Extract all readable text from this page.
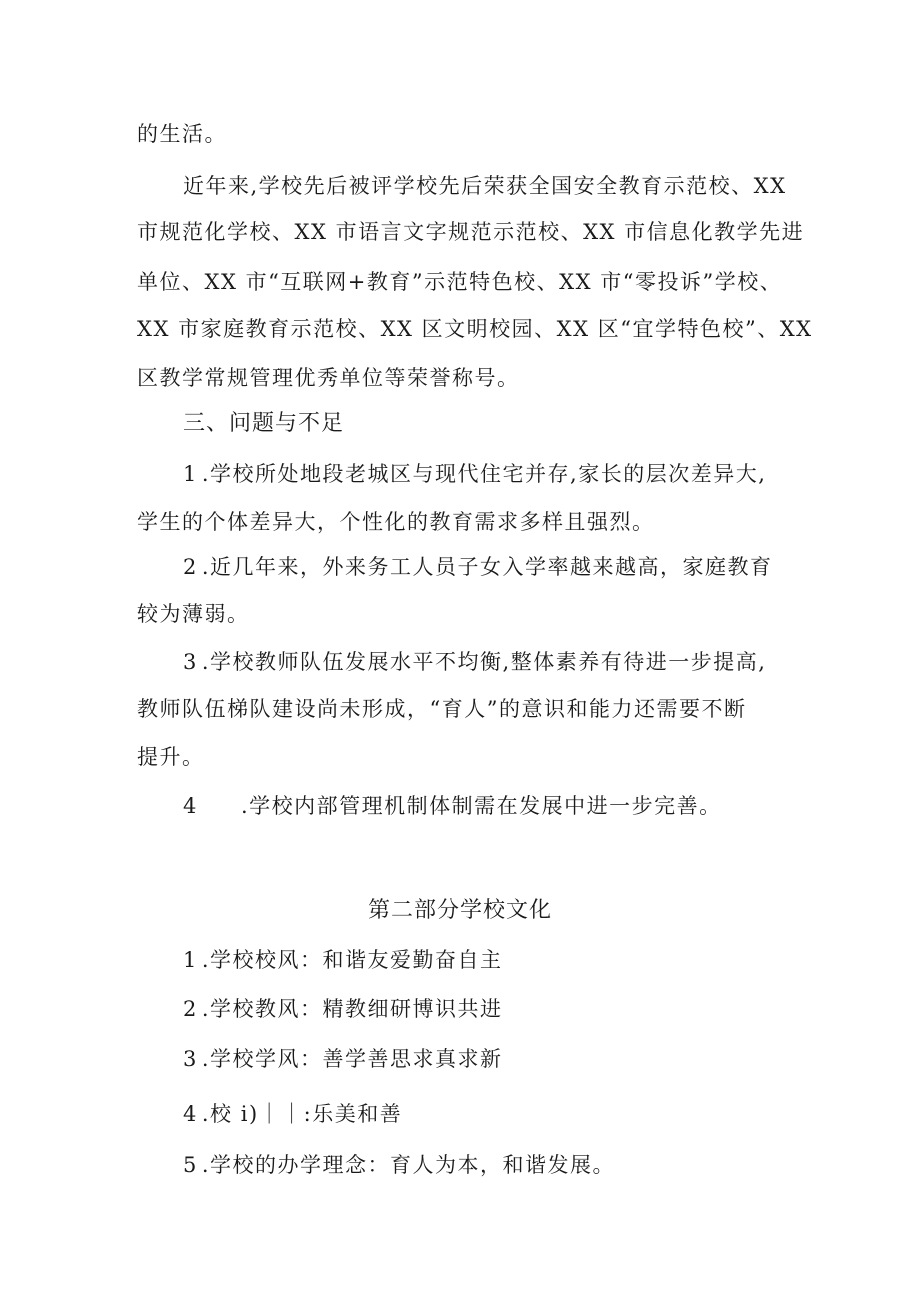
的生活。
近年来,学校先后被评学校先后荣获全国安全教育示范校、XX
市规范化学校、XX 市语言文字规范示范校、XX 市信息化教学先进
单位、XX 市“互联网+教育”示范特色校、XX 市“零投诉”学校、
XX 市家庭教育示范校、XX 区文明校园、XX 区“宜学特色校”、XX
区教学常规管理优秀单位等荣誉称号。
三、问题与不足
1 .学校所处地段老城区与现代住宅并存,家长的层次差异大,
学生的个体差异大，个性化的教育需求多样且强烈。
2 .近几年来，外来务工人员子女入学率越来越高，家庭教育
较为薄弱。
3 .学校教师队伍发展水平不均衡,整体素养有待进一步提高,
教师队伍梯队建设尚未形成，“育人”的意识和能力还需要不断
提升。
4 .学校内部管理机制体制需在发展中进一步完善。
第二部分学校文化
1 .学校校风：和谐友爱勤奋自主
2 .学校教风：精教细研博识共进
3 .学校学风：善学善思求真求新
4 .校 i)｜｜:乐美和善
5 .学校的办学理念：育人为本，和谐发展。
